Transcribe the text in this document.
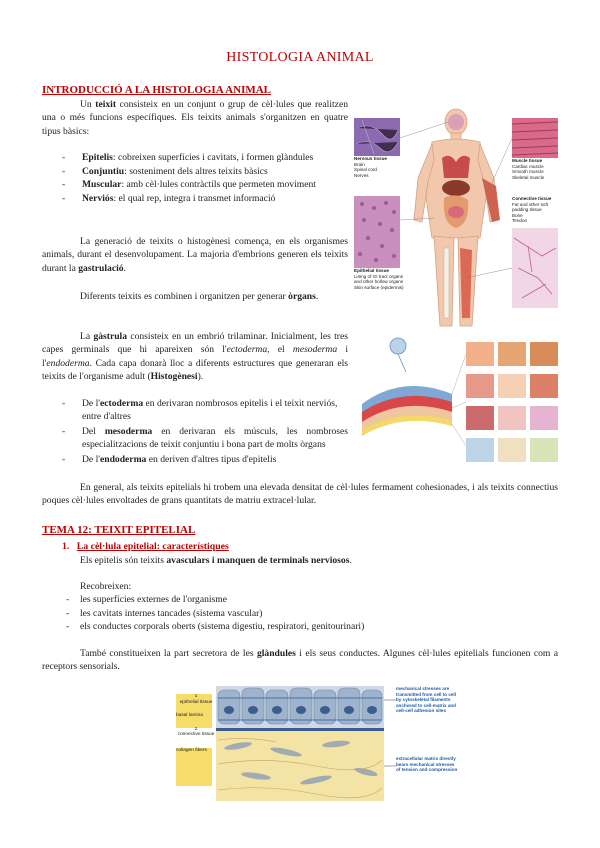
HISTOLOGIA ANIMAL
INTRODUCCIÓ A LA HISTOLOGIA ANIMAL
Un teixit consisteix en un conjunt o grup de cèl·lules que realitzen una o més funcions específiques. Els teixits animals s'organitzen en quatre tipus bàsics:
- Epitelis: cobreixen superfícies i cavitats, i formen glàndules
- Conjuntiu: sosteniment dels altres teixits bàsics
- Muscular: amb cèl·lules contràctils que permeten moviment
- Nerviós: el qual rep, integra i transmet informació
La generació de teixits o histogènesi comença, en els organismes animals, durant el desenvolupament. La majoria d'embrions generen els teixits durant la gastrulació.
Diferents teixits es combinen i organitzen per generar òrgans.
Nervous tissue
Brain
Spinal cord
Nerves
Epithelial tissue
Lining of GI tract organs
and other hollow organs
Skin surface (epidermis)
Muscle tissue
Cardiac muscle
Smooth muscle
Skeletal muscle
Connective tissue
Fat and other soft
padding tissue
Bone
Tendon
La gàstrula consisteix en un embrió trilaminar. Inicialment, les tres capes germinals que hi apareixen són l'ectoderma, el mesoderma i l'endoderma. Cada capa donarà lloc a diferents estructures que generaran els teixits de l'organisme adult (Histogènesi).
- De l'ectoderma en derivaran nombrosos epitelis i el teixit nerviós, entre d'altres
- Del mesoderma en derivaran els músculs, les nombroses especialitzacions de teixit conjuntiu i bona part de molts òrgans
- De l'endoderma en deriven d'altres tipus d'epitelis
En general, als teixits epitelials hi trobem una elevada densitat de cèl·lules fermament cohesionades, i als teixits connectius poques cèl·lules envoltades de grans quantitats de matriu extracel·lular.
TEMA 12: TEIXIT EPITELIAL
1. La cèl·lula epitelial: característiques
Els epitelis són teixits avasculars i manquen de terminals nerviosos.
Recobreixen:
- les superfícies externes de l'organisme
- les cavitats internes tancades (sistema vascular)
- els conductes corporals oberts (sistema digestiu, respiratori, genitourinari)
També constitueixen la part secretora de les glàndules i els seus conductes. Algunes cèl·lules epitelials funcionen com a receptors sensorials.
1
epithelial tissue
basal lamina
2
connective tissue
collagen fibers
mechanical stresses are transmitted from cell to cell by cytoskeletal filaments anchored to cell-matrix and cell-cell adhesion sites
extracellular matrix directly bears mechanical stresses of tension and compression
